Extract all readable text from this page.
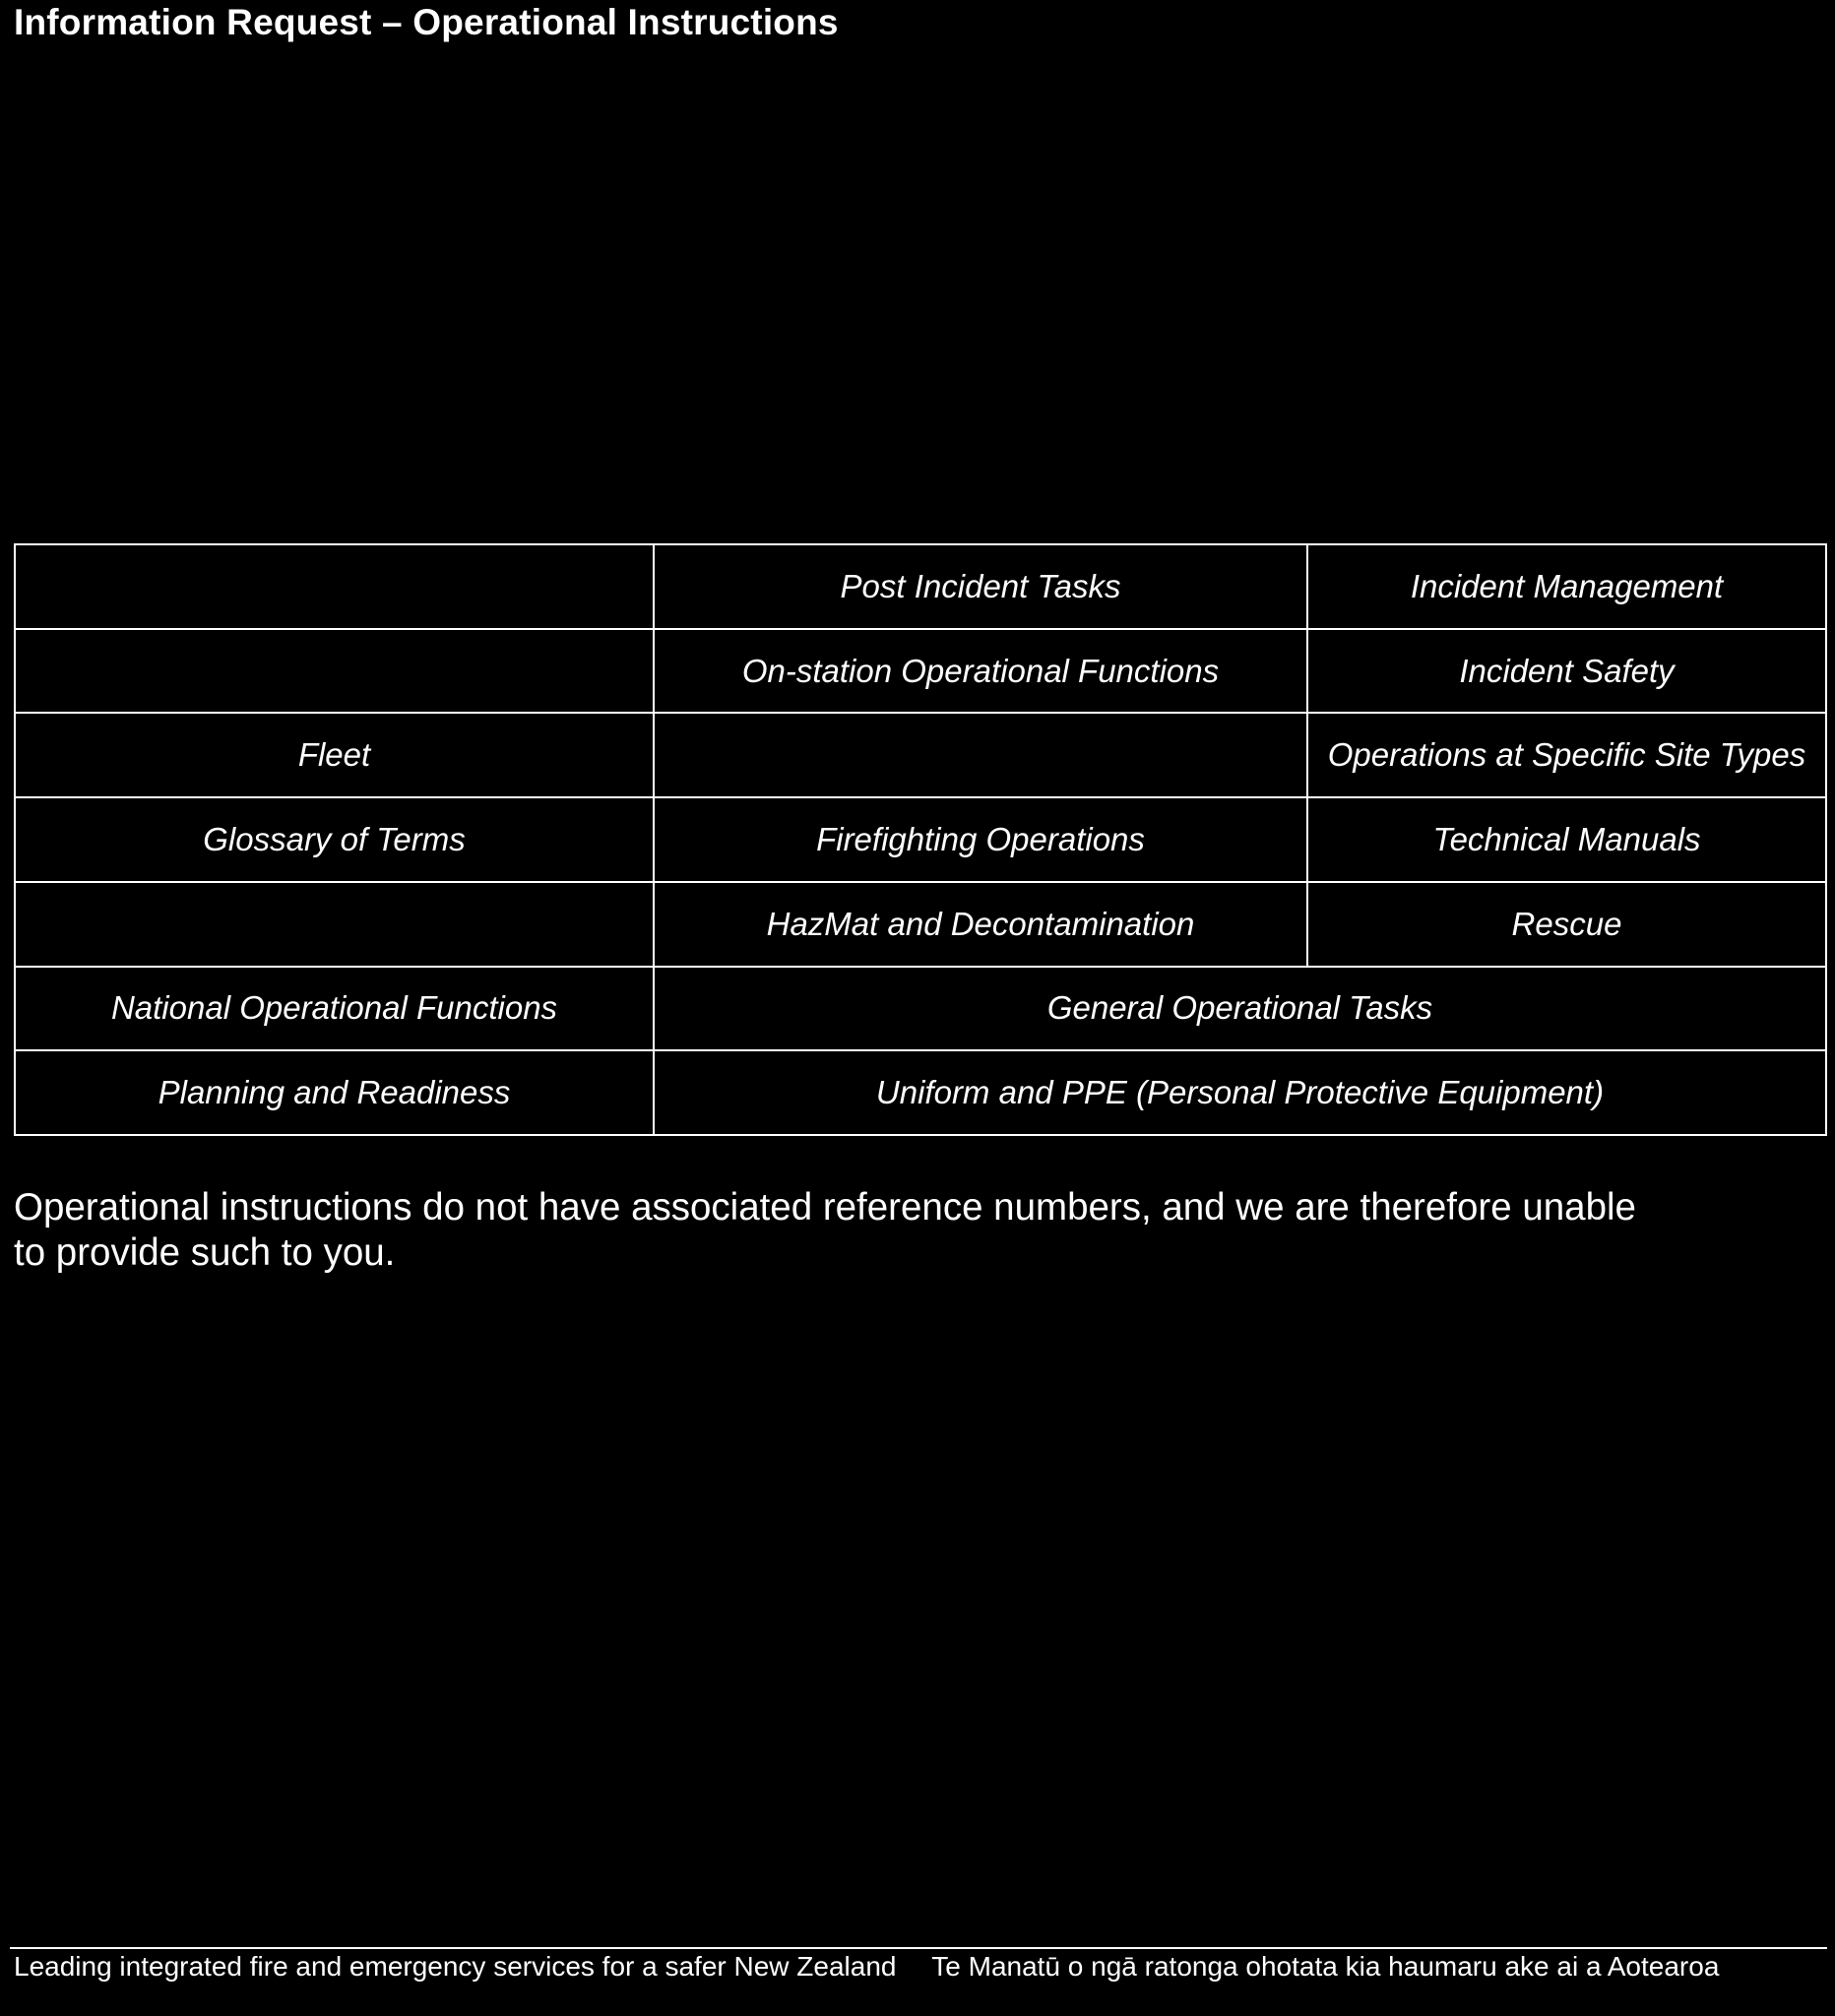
Information Request – Operational Instructions
	Post Incident Tasks	Incident Management
	On-station Operational Functions	Incident Safety
Fleet		Operations at Specific Site Types
Glossary of Terms	Firefighting Operations	Technical Manuals
	HazMat and Decontamination	Rescue
National Operational Functions	General Operational Tasks	
Planning and Readiness	Uniform and PPE (Personal Protective Equipment)	
Operational instructions do not have associated reference numbers, and we are therefore unable
to provide such to you.
Leading integrated fire and emergency services for a safer New Zealand Te Manatū o ngā ratonga ohotata kia haumaru ake ai a Aotearoa
